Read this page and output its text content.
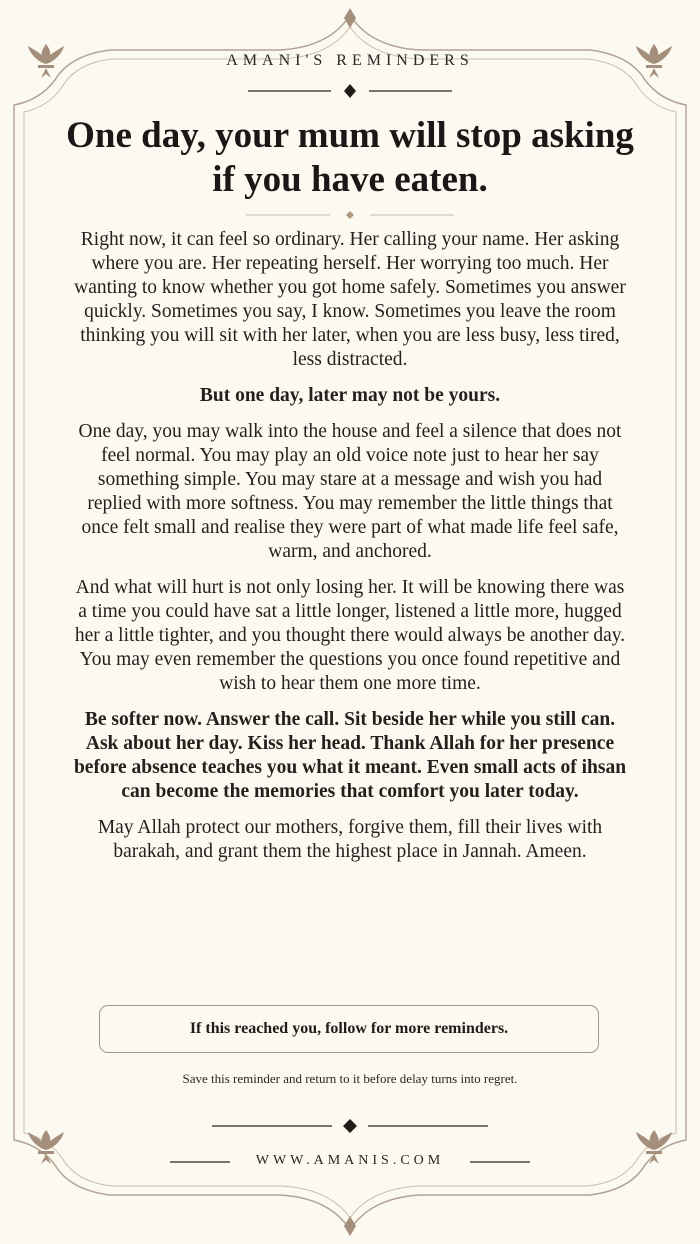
AMANI'S REMINDERS
One day, your mum will stop asking if you have eaten.

Right now, it can feel so ordinary. Her calling your name. Her asking where you are. Her repeating herself. Her worrying too much. Her wanting to know whether you got home safely. Sometimes you answer quickly. Sometimes you say, I know. Sometimes you leave the room thinking you will sit with her later, when you are less busy, less tired, less distracted.

But one day, later may not be yours.

One day, you may walk into the house and feel a silence that does not feel normal. You may play an old voice note just to hear her say something simple. You may stare at a message and wish you had replied with more softness. You may remember the little things that once felt small and realise they were part of what made life feel safe, warm, and anchored.

And what will hurt is not only losing her. It will be knowing there was a time you could have sat a little longer, listened a little more, hugged her a little tighter, and you thought there would always be another day. You may even remember the questions you once found repetitive and wish to hear them one more time.

Be softer now. Answer the call. Sit beside her while you still can. Ask about her day. Kiss her head. Thank Allah for her presence before absence teaches you what it meant. Even small acts of ihsan can become the memories that comfort you later today.

May Allah protect our mothers, forgive them, fill their lives with barakah, and grant them the highest place in Jannah. Ameen.

If this reached you, follow for more reminders.
Save this reminder and return to it before delay turns into regret.
WWW.AMANIS.COM
